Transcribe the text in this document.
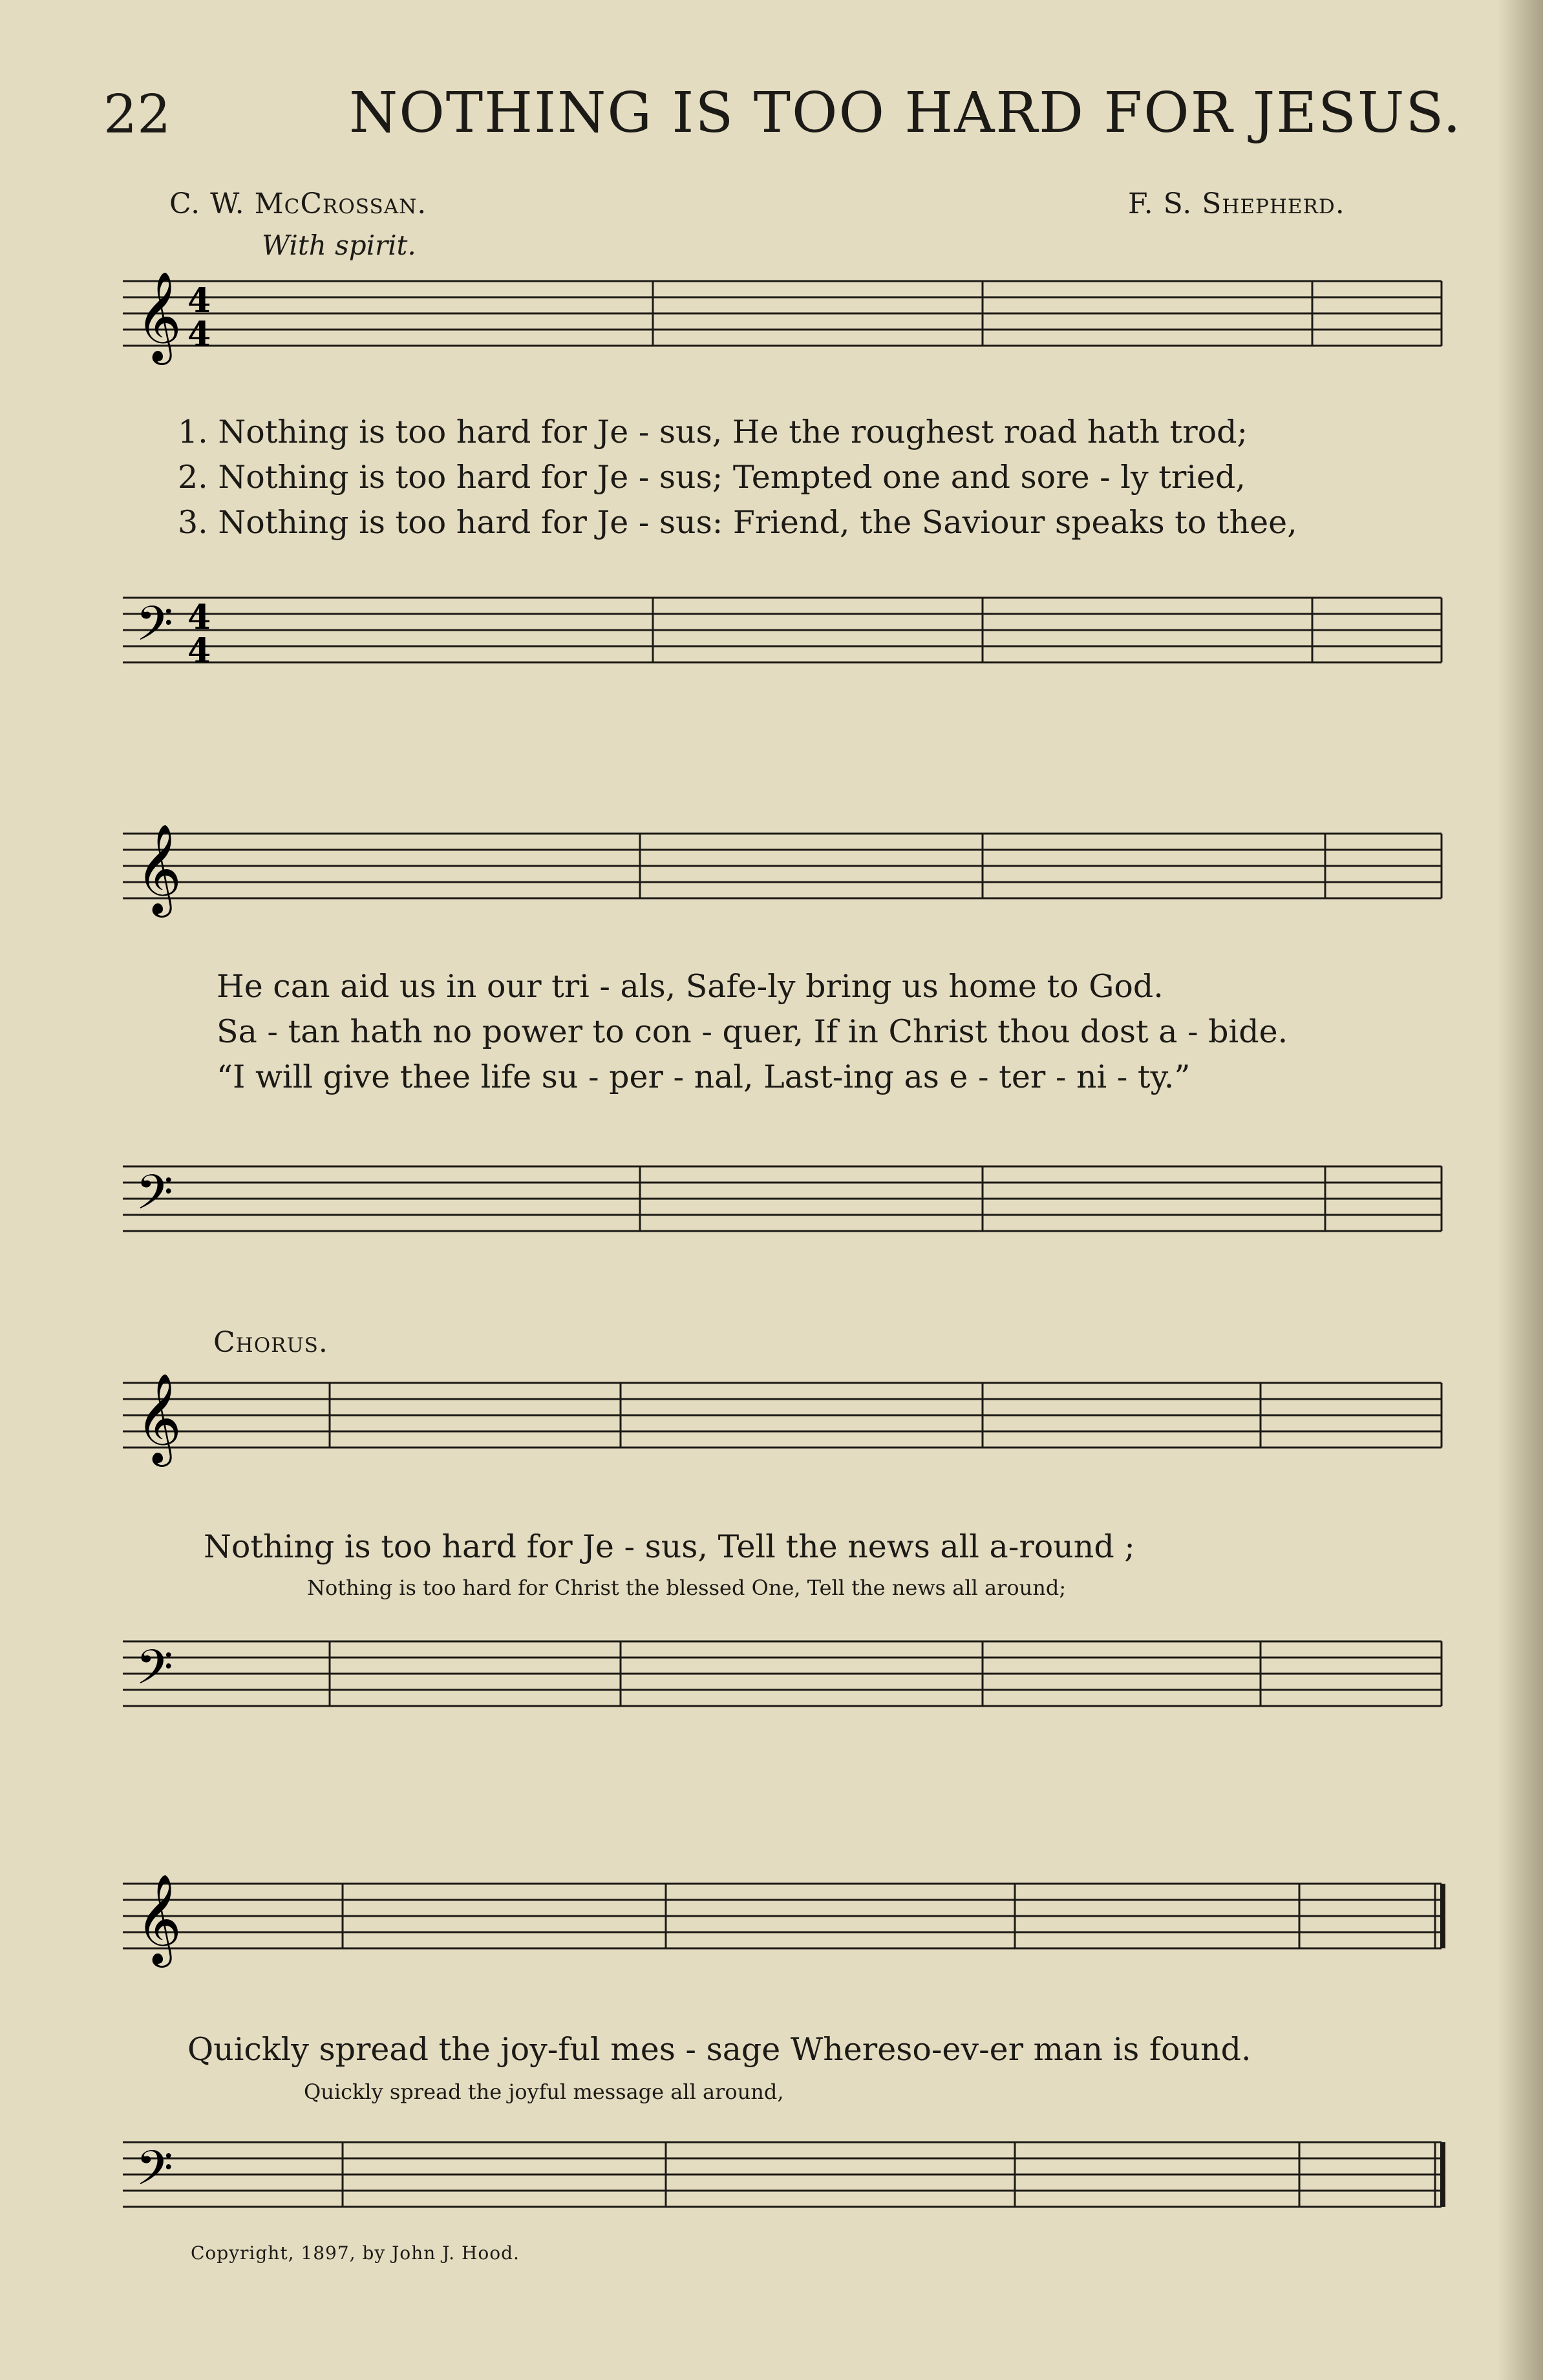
22	NOTHING IS TOO HARD FOR JESUS.
C. W. McCrossan.	F. S. Shepherd.
With spirit.
𝄞 4
4
1. Nothing is too hard for Je - sus, He the roughest road hath trod;
2. Nothing is too hard for Je - sus; Tempted one and sore - ly tried,
3. Nothing is too hard for Je - sus: Friend, the Saviour speaks to thee,
𝄢 4
4
𝄞
He can aid us in our tri - als, Safe-ly bring us home to God.
Sa - tan hath no power to con - quer, If in Christ thou dost a - bide.
“I will give thee life su - per - nal, Last-ing as e - ter - ni - ty.”
𝄢
Chorus.
𝄞
Nothing is too hard for Je - sus, Tell the news all a-round ;
Nothing is too hard for Christ the blessed One, Tell the news all around;
𝄢
𝄞
Quickly spread the joy-ful mes - sage Whereso-ev-er man is found.
Quickly spread the joyful message all around,
𝄢
Copyright, 1897, by John J. Hood.
